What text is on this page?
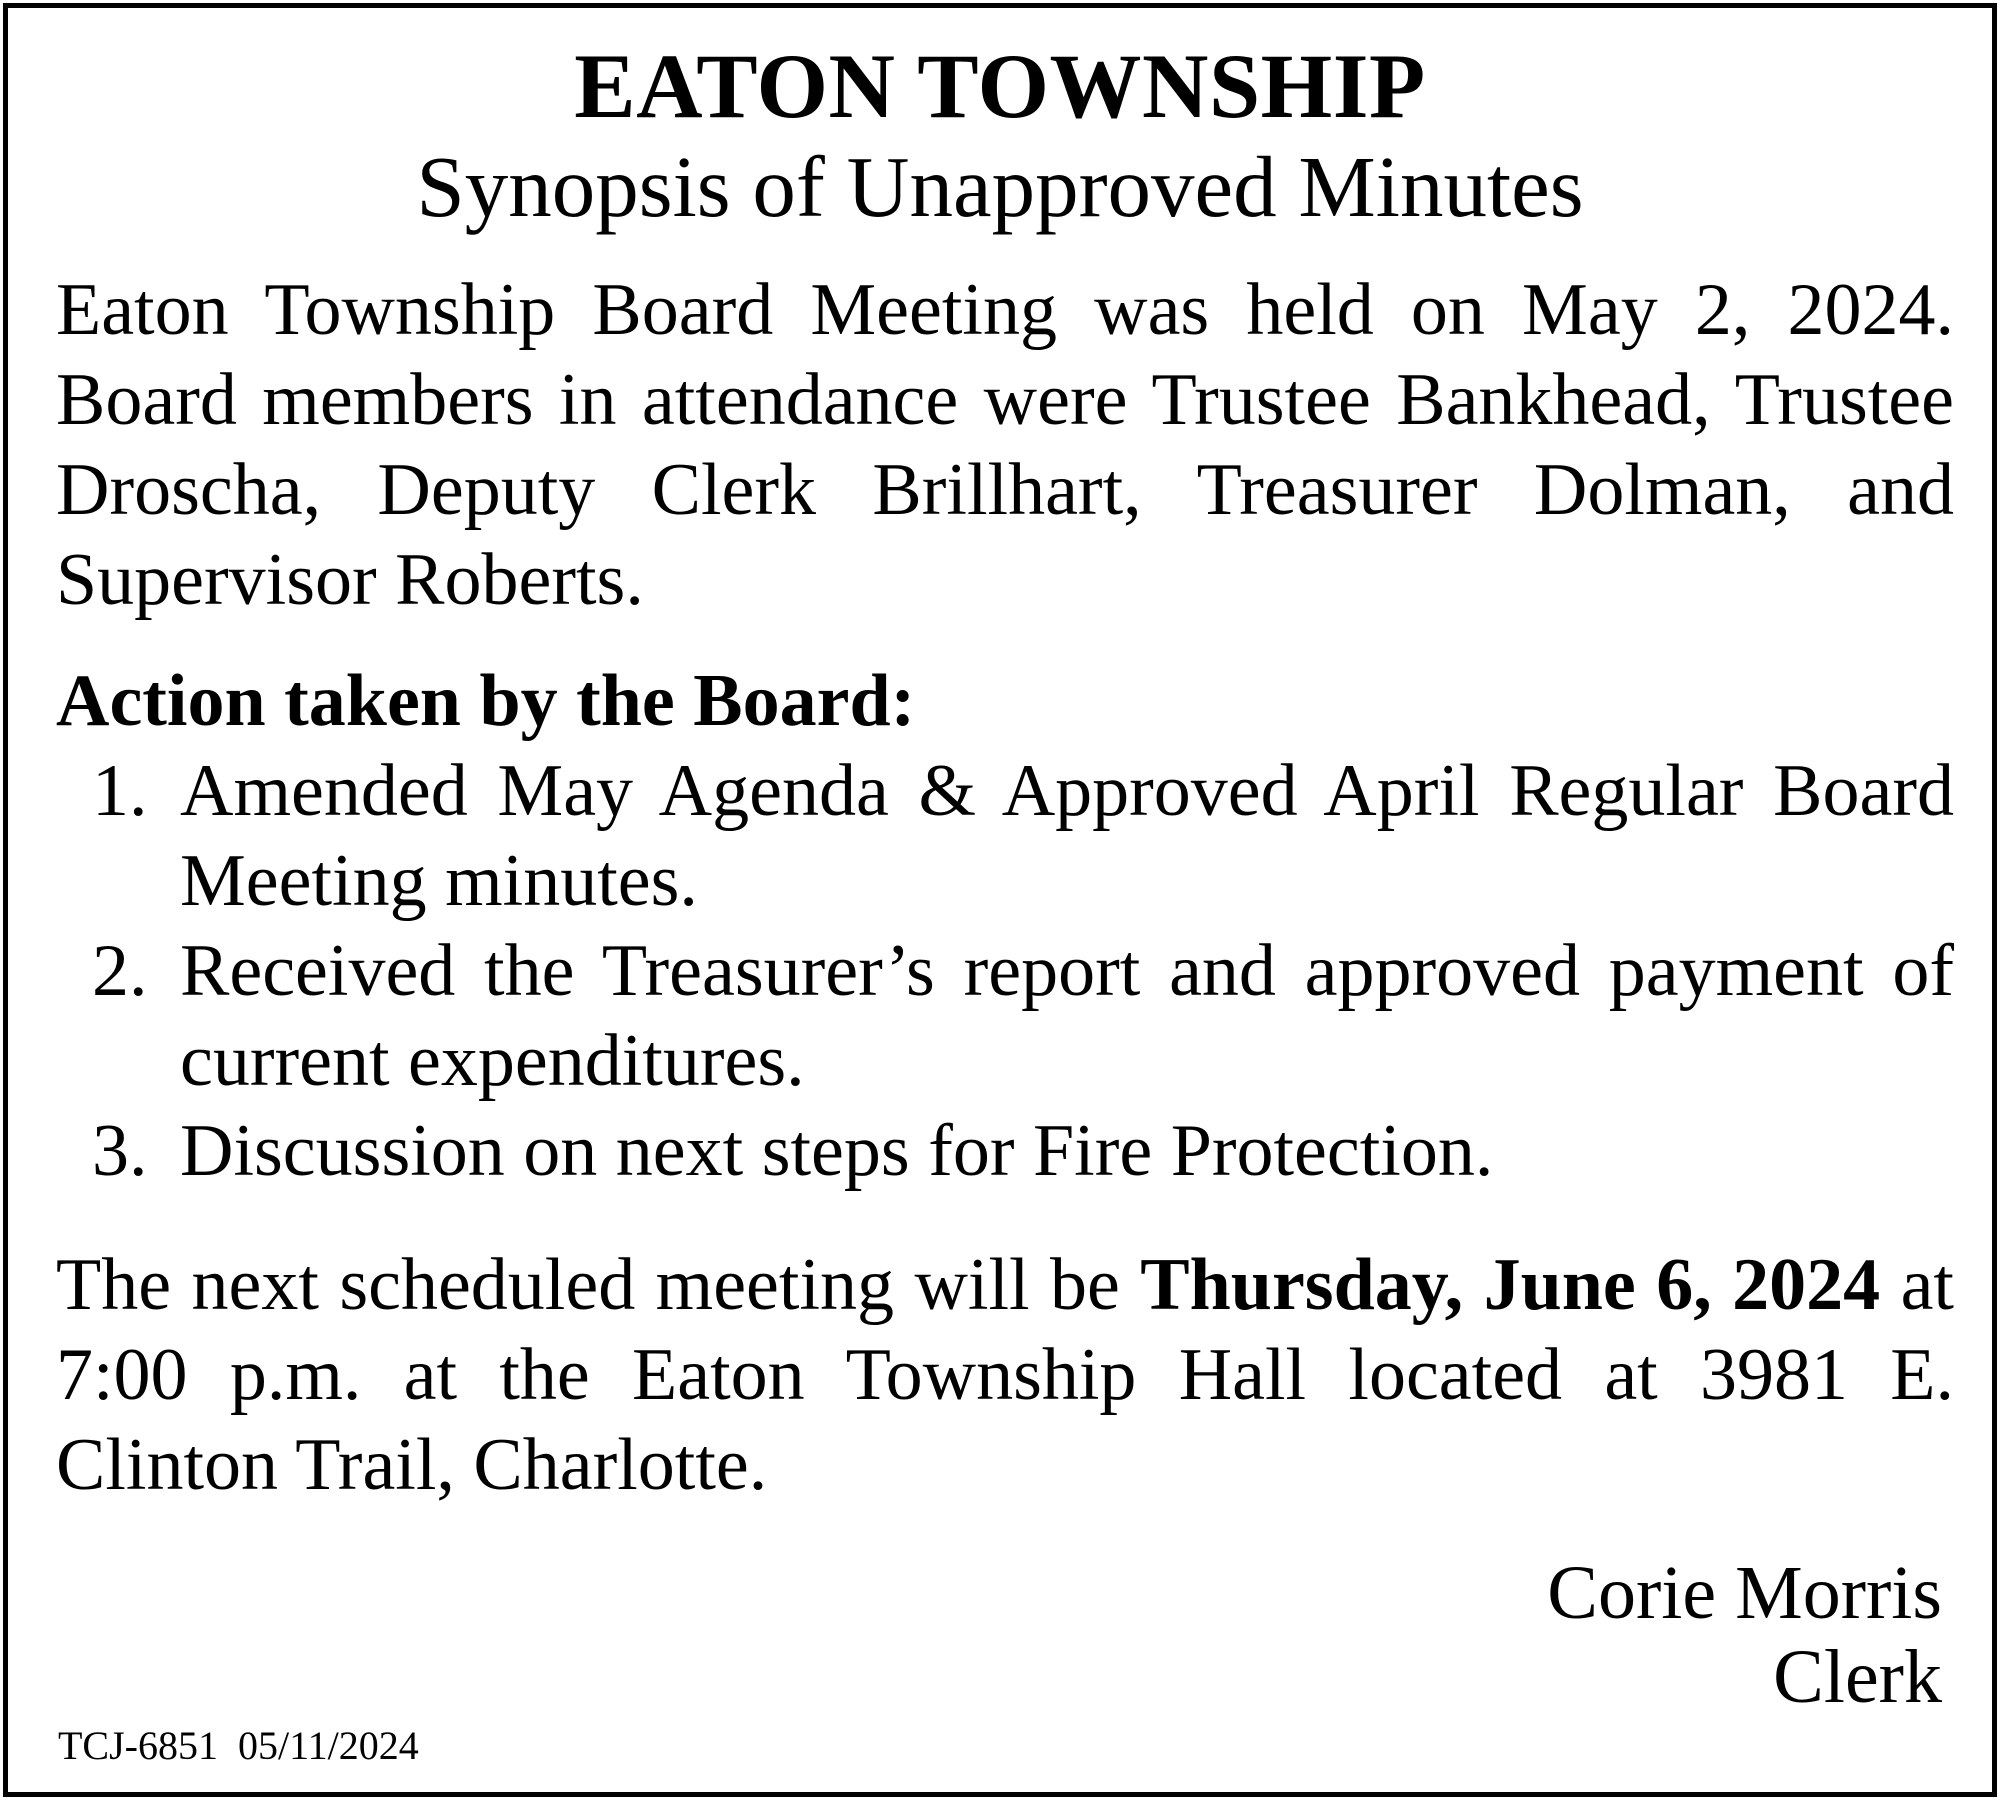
EATON TOWNSHIP
Synopsis of Unapproved Minutes
Eaton Township Board Meeting was held on May 2, 2024. Board members in attendance were Trustee Bankhead, Trustee Droscha, Deputy Clerk Brillhart, Treasurer Dolman, and Supervisor Roberts.
Action taken by the Board:
1. Amended May Agenda & Approved April Regular Board Meeting minutes.
2. Received the Treasurer’s report and approved payment of current expenditures.
3. Discussion on next steps for Fire Protection.
The next scheduled meeting will be Thursday, June 6, 2024 at 7:00 p.m. at the Eaton Township Hall located at 3981 E. Clinton Trail, Charlotte.
Corie Morris
Clerk
TCJ-6851  05/11/2024
